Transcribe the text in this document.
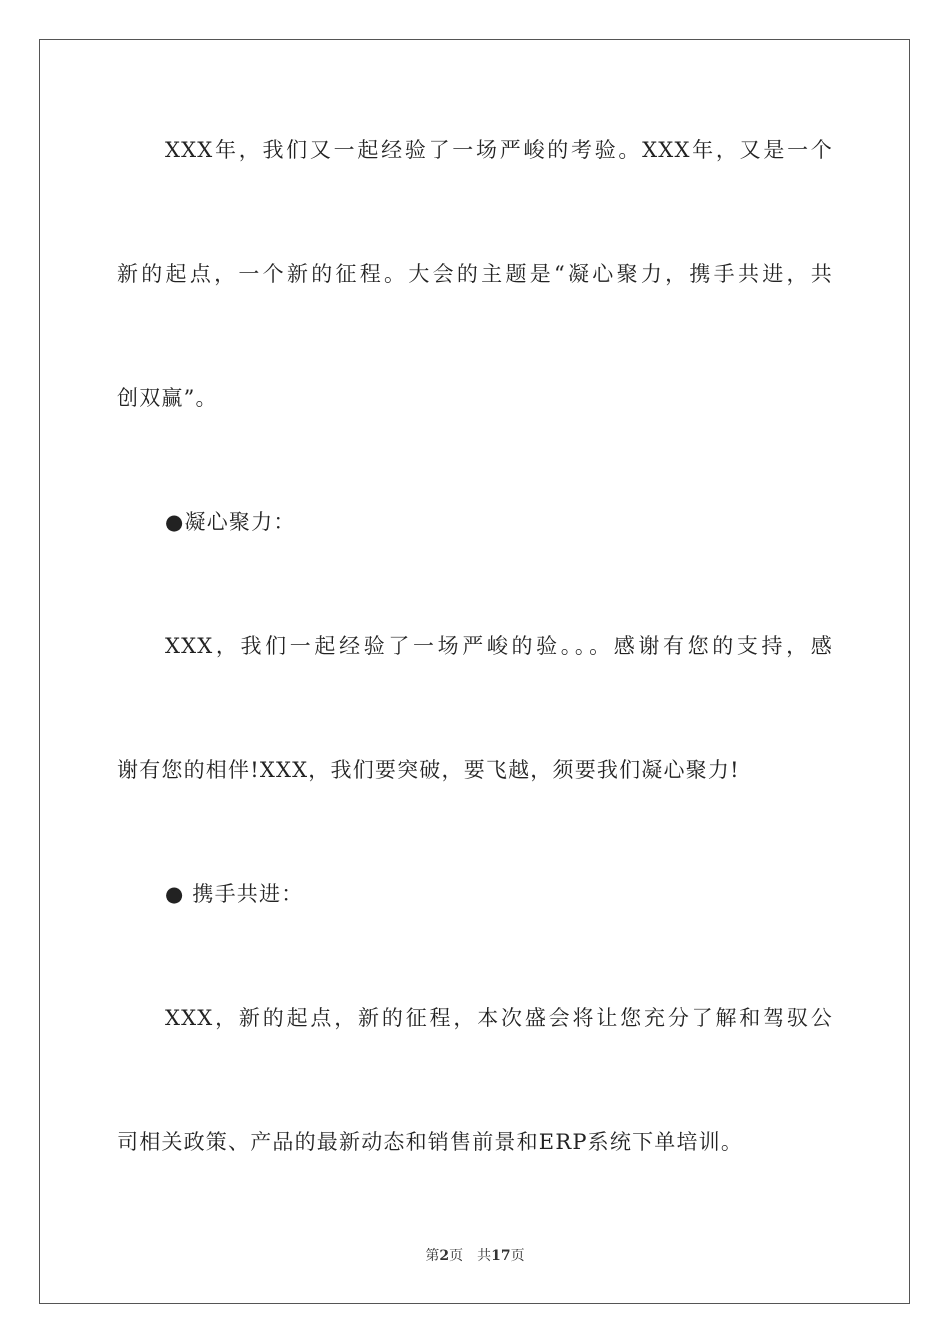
XXX年，我们又一起经验了一场严峻的考验。XXX年，又是一个
新的起点，一个新的征程。大会的主题是“凝心聚力，携手共进，共
创双赢”。
●凝心聚力：
XXX，我们一起经验了一场严峻的验。。。感谢有您的支持，感
谢有您的相伴!XXX，我们要突破，要飞越，须要我们凝心聚力!
● 携手共进：
XXX，新的起点，新的征程，本次盛会将让您充分了解和驾驭公
司相关政策、产品的最新动态和销售前景和ERP系统下单培训。
第2页 共17页
